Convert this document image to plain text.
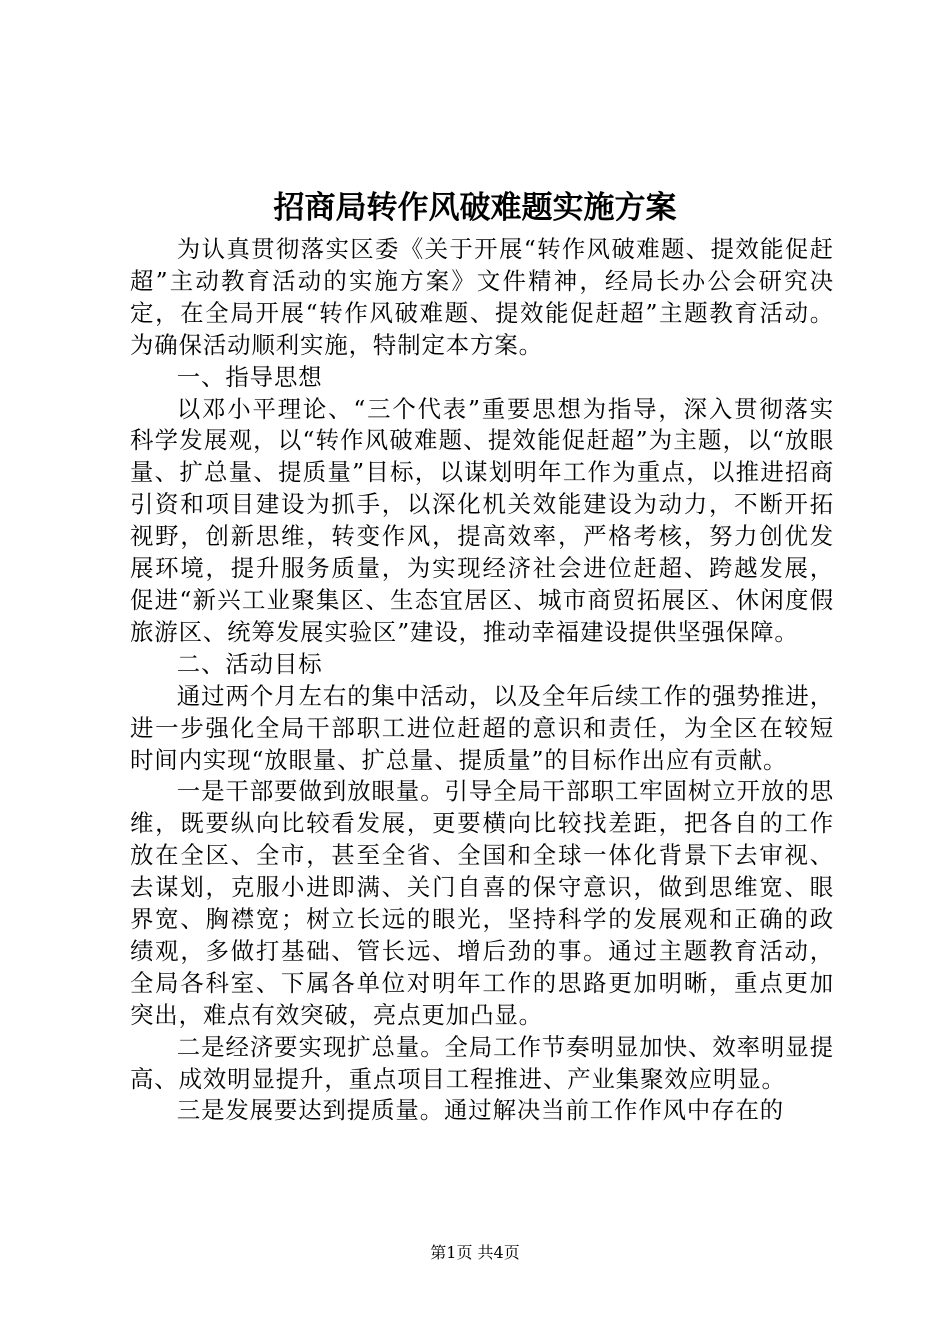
招商局转作风破难题实施方案

为认真贯彻落实区委《关于开展“转作风破难题、提效能促赶超”主动教育活动的实施方案》文件精神，经局长办公会研究决定，在全局开展“转作风破难题、提效能促赶超”主题教育活动。为确保活动顺利实施，特制定本方案。

一、指导思想

以邓小平理论、“三个代表”重要思想为指导，深入贯彻落实科学发展观，以“转作风破难题、提效能促赶超”为主题，以“放眼量、扩总量、提质量”目标，以谋划明年工作为重点，以推进招商引资和项目建设为抓手，以深化机关效能建设为动力，不断开拓视野，创新思维，转变作风，提高效率，严格考核，努力创优发展环境，提升服务质量，为实现经济社会进位赶超、跨越发展，促进“新兴工业聚集区、生态宜居区、城市商贸拓展区、休闲度假旅游区、统筹发展实验区”建设，推动幸福建设提供坚强保障。

二、活动目标

通过两个月左右的集中活动，以及全年后续工作的强势推进，进一步强化全局干部职工进位赶超的意识和责任，为全区在较短时间内实现“放眼量、扩总量、提质量”的目标作出应有贡献。

一是干部要做到放眼量。引导全局干部职工牢固树立开放的思维，既要纵向比较看发展，更要横向比较找差距，把各自的工作放在全区、全市，甚至全省、全国和全球一体化背景下去审视、去谋划，克服小进即满、关门自喜的保守意识，做到思维宽、眼界宽、胸襟宽；树立长远的眼光，坚持科学的发展观和正确的政绩观，多做打基础、管长远、增后劲的事。通过主题教育活动，全局各科室、下属各单位对明年工作的思路更加明晰，重点更加突出，难点有效突破，亮点更加凸显。

二是经济要实现扩总量。全局工作节奏明显加快、效率明显提高、成效明显提升，重点项目工程推进、产业集聚效应明显。

三是发展要达到提质量。通过解决当前工作作风中存在的

第1页 共4页
